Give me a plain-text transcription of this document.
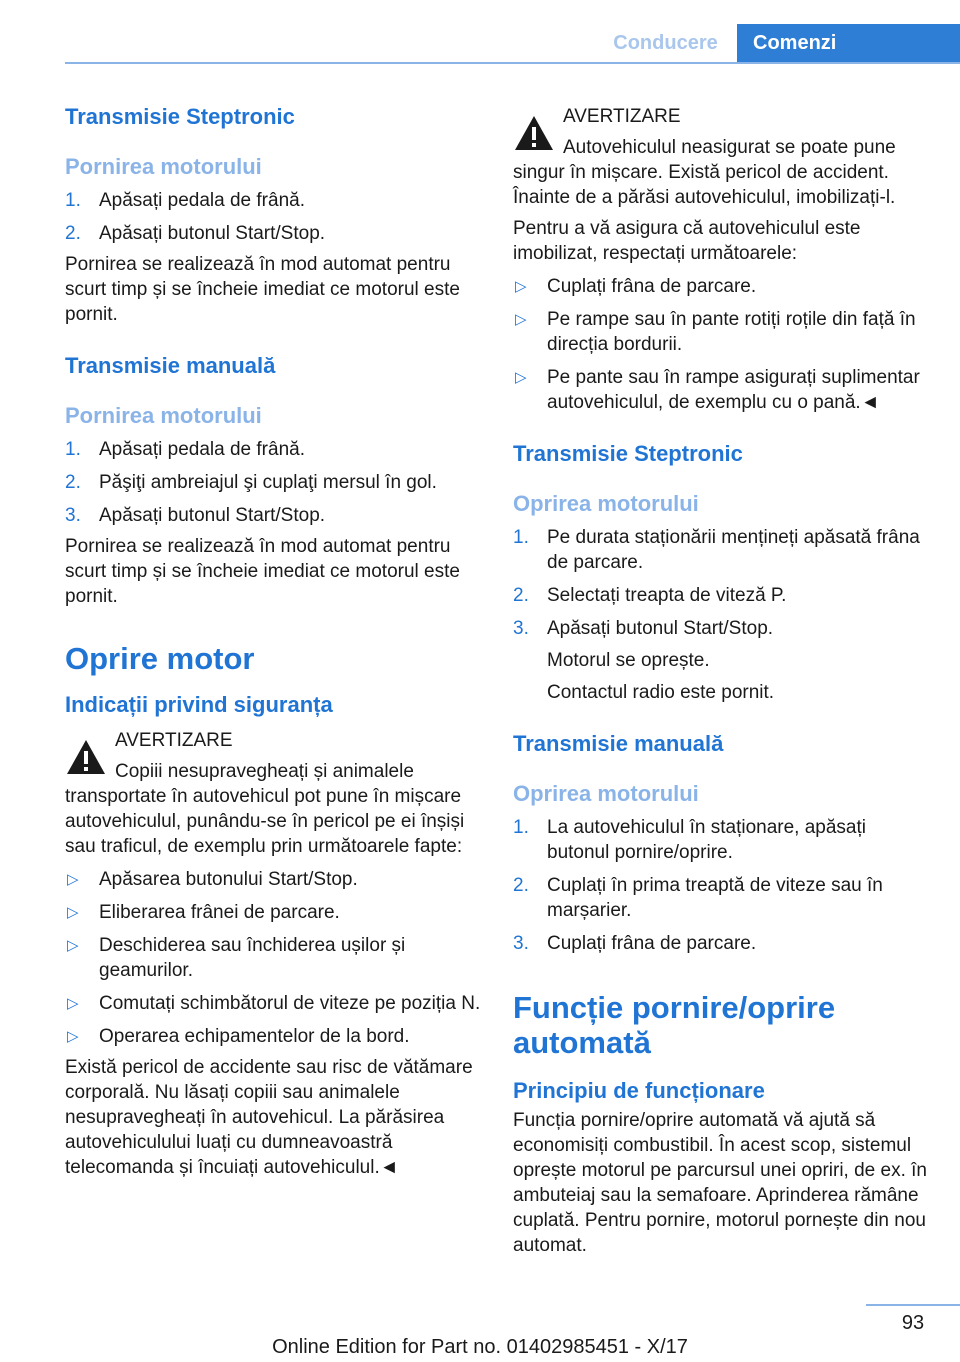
Conducere	Comenzi
Transmisie Steptronic
Pornirea motorului
1. Apăsați pedala de frână.
2. Apăsați butonul Start/Stop.
Pornirea se realizează în mod automat pentru scurt timp și se încheie imediat ce motorul este pornit.
Transmisie manuală
Pornirea motorului
1. Apăsați pedala de frână.
2. Păşiţi ambreiajul şi cuplaţi mersul în gol.
3. Apăsați butonul Start/Stop.
Pornirea se realizează în mod automat pentru scurt timp și se încheie imediat ce motorul este pornit.
Oprire motor
Indicații privind siguranța
AVERTIZARE
Copiii nesupravegheați și animalele transportate în autovehicul pot pune în mișcare autovehiculul, punându-se în pericol pe ei înșiși sau traficul, de exemplu prin următoarele fapte:
▷	Apăsarea butonului Start/Stop.
▷	Eliberarea frânei de parcare.
▷	Deschiderea sau închiderea ușilor și geamurilor.
▷	Comutați schimbătorul de viteze pe poziția N.
▷	Operarea echipamentelor de la bord.
Există pericol de accidente sau risc de vătămare corporală. Nu lăsați copiii sau animalele nesupravegheați în autovehicul. La părăsirea autovehiculului luați cu dumneavoastră telecomanda și încuiați autovehiculul.◄
AVERTIZARE
Autovehiculul neasigurat se poate pune singur în mișcare. Există pericol de accident. Înainte de a părăsi autovehiculul, imobilizați-l.
Pentru a vă asigura că autovehiculul este imobilizat, respectați următoarele:
▷	Cuplați frâna de parcare.
▷	Pe rampe sau în pante rotiți roțile din față în direcția bordurii.
▷	Pe pante sau în rampe asigurați suplimentar autovehiculul, de exemplu cu o pană.◄
Transmisie Steptronic
Oprirea motorului
1. Pe durata staționării mențineți apăsată frâna de parcare.
2. Selectați treapta de viteză P.
3. Apăsați butonul Start/Stop.
Motorul se oprește.
Contactul radio este pornit.
Transmisie manuală
Oprirea motorului
1. La autovehiculul în staționare, apăsați butonul pornire/oprire.
2. Cuplați în prima treaptă de viteze sau în marșarier.
3. Cuplați frâna de parcare.
Funcție pornire/oprire automată
Principiu de funcționare
Funcția pornire/oprire automată vă ajută să economisiți combustibil. În acest scop, sistemul oprește motorul pe parcursul unei opriri, de ex. în ambuteiaj sau la semafoare. Aprinderea rămâne cuplată. Pentru pornire, motorul pornește din nou automat.
93
Online Edition for Part no. 01402985451 - X/17
